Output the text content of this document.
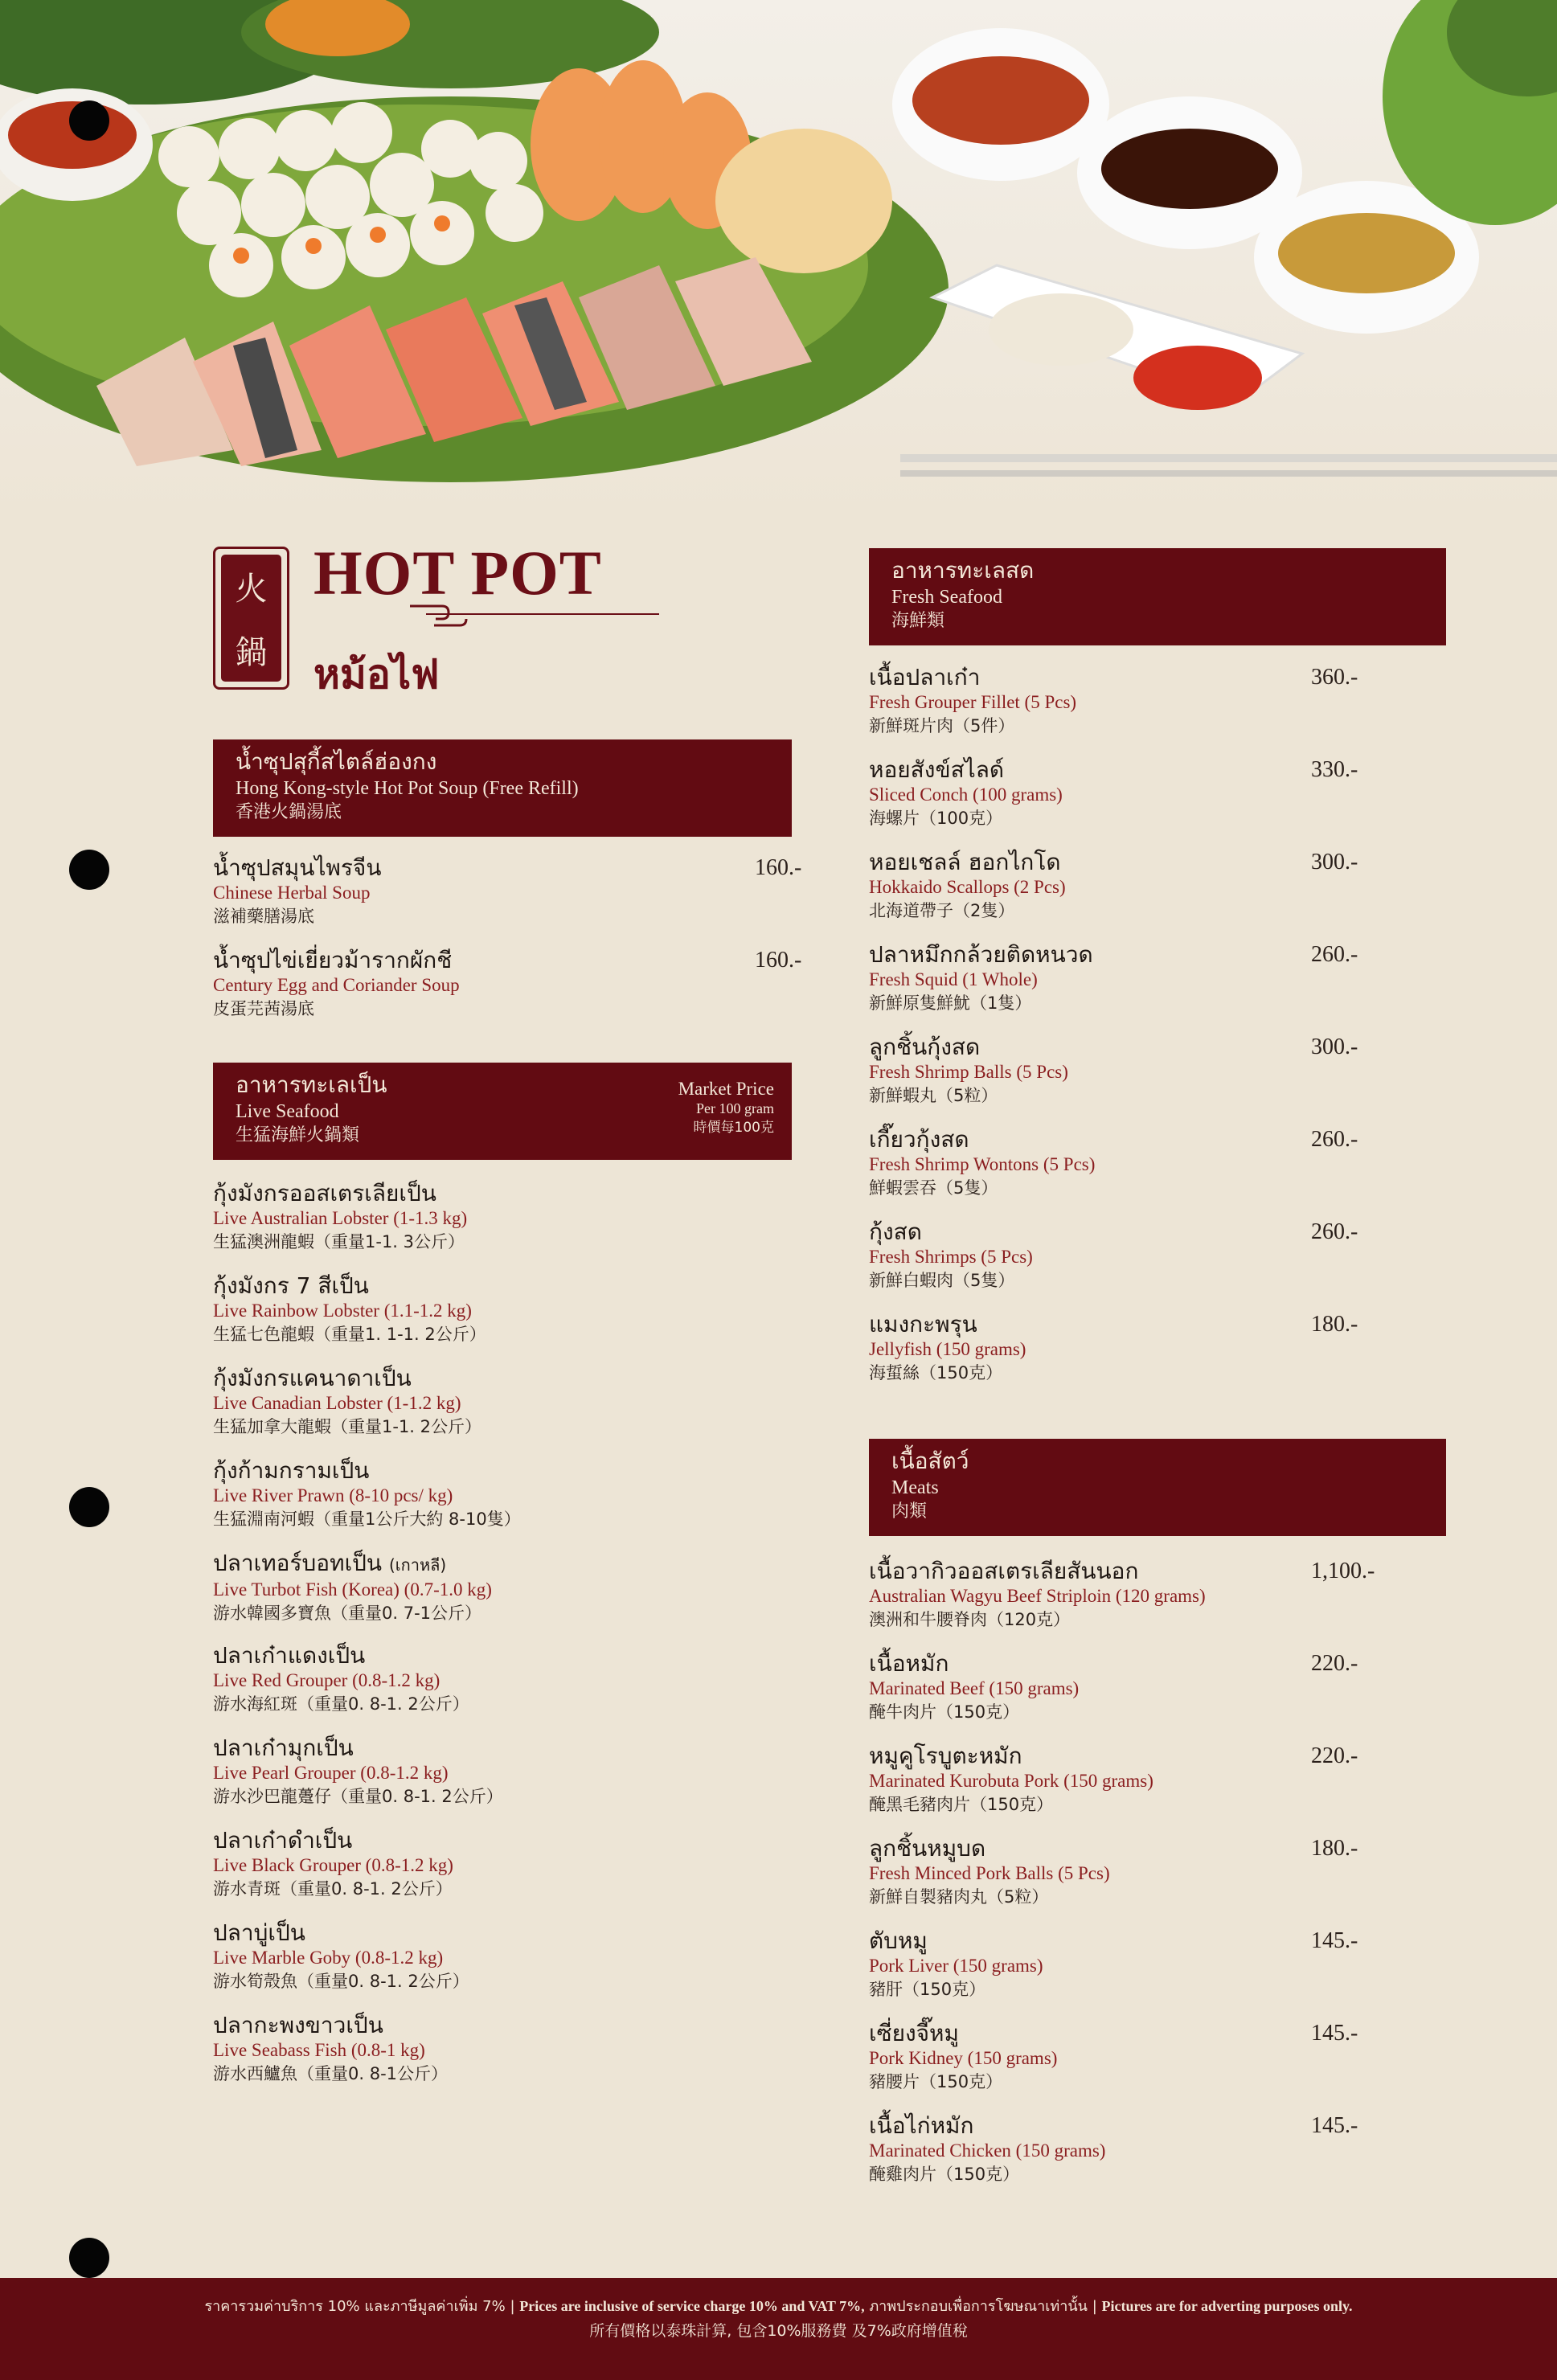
火
鍋
HOT POT
หม้อไฟ
น้ำซุปสุกี้สไตล์ฮ่องกง
Hong Kong-style Hot Pot Soup (Free Refill)
香港火鍋湯底
น้ำซุปสมุนไพรจีน
Chinese Herbal Soup
滋補藥膳湯底
160.-
น้ำซุปไข่เยี่ยวม้ารากผักชี
Century Egg and Coriander Soup
皮蛋芫茜湯底
160.-
อาหารทะเลเป็น
Live Seafood
生猛海鮮火鍋類
Market Price
Per 100 gram
時價每100克
กุ้งมังกรออสเตรเลียเป็น
Live Australian Lobster (1-1.3 kg)
生猛澳洲龍蝦（重量1-1. 3公斤）
กุ้งมังกร 7 สีเป็น
Live Rainbow Lobster (1.1-1.2 kg)
生猛七色龍蝦（重量1. 1-1. 2公斤）
กุ้งมังกรแคนาดาเป็น
Live Canadian Lobster (1-1.2 kg)
生猛加拿大龍蝦（重量1-1. 2公斤）
กุ้งก้ามกรามเป็น
Live River Prawn (8-10 pcs/ kg)
生猛淵南河蝦（重量1公斤大約 8-10隻）
ปลาเทอร์บอทเป็น (เกาหลี)
Live Turbot Fish (Korea) (0.7-1.0 kg)
游水韓國多寶魚（重量0. 7-1公斤）
ปลาเก๋าแดงเป็น
Live Red Grouper (0.8-1.2 kg)
游水海紅斑（重量0. 8-1. 2公斤）
ปลาเก๋ามุกเป็น
Live Pearl Grouper (0.8-1.2 kg)
游水沙巴龍躉仔（重量0. 8-1. 2公斤）
ปลาเก๋าดำเป็น
Live Black Grouper (0.8-1.2 kg)
游水青斑（重量0. 8-1. 2公斤）
ปลาบู่เป็น
Live Marble Goby (0.8-1.2 kg)
游水筍殼魚（重量0. 8-1. 2公斤）
ปลากะพงขาวเป็น
Live Seabass Fish (0.8-1 kg)
游水西鱸魚（重量0. 8-1公斤）
อาหารทะเลสด
Fresh Seafood
海鮮類
เนื้อปลาเก๋า
Fresh Grouper Fillet (5 Pcs)
新鮮斑片肉（5件）
360.-
หอยสังข์สไลด์
Sliced Conch (100 grams)
海螺片（100克）
330.-
หอยเชลล์ ฮอกไกโด
Hokkaido Scallops (2 Pcs)
北海道帶子（2隻）
300.-
ปลาหมึกกล้วยติดหนวด
Fresh Squid (1 Whole)
新鮮原隻鮮魷（1隻）
260.-
ลูกชิ้นกุ้งสด
Fresh Shrimp Balls (5 Pcs)
新鮮蝦丸（5粒）
300.-
เกี๊ยวกุ้งสด
Fresh Shrimp Wontons (5 Pcs)
鮮蝦雲吞（5隻）
260.-
กุ้งสด
Fresh Shrimps (5 Pcs)
新鮮白蝦肉（5隻）
260.-
แมงกะพรุน
Jellyfish (150 grams)
海蜇絲（150克）
180.-
เนื้อสัตว์
Meats
肉類
เนื้อวากิวออสเตรเลียสันนอก
Australian Wagyu Beef Striploin (120 grams)
澳洲和牛腰脊肉（120克）
1,100.-
เนื้อหมัก
Marinated Beef (150 grams)
醃牛肉片（150克）
220.-
หมูคูโรบูตะหมัก
Marinated Kurobuta Pork (150 grams)
醃黑毛豬肉片（150克）
220.-
ลูกชิ้นหมูบด
Fresh Minced Pork Balls (5 Pcs)
新鮮自製豬肉丸（5粒）
180.-
ตับหมู
Pork Liver (150 grams)
豬肝（150克）
145.-
เซี่ยงจี๊หมู
Pork Kidney (150 grams)
豬腰片（150克）
145.-
เนื้อไก่หมัก
Marinated Chicken (150 grams)
醃雞肉片（150克）
145.-
ราคารวมค่าบริการ 10% และภาษีมูลค่าเพิ่ม 7% | Prices are inclusive of service charge 10% and VAT 7%, ภาพประกอบเพื่อการโฆษณาเท่านั้น | Pictures are for adverting purposes only.
所有價格以泰珠計算, 包含10%服務費 及7%政府增值稅
